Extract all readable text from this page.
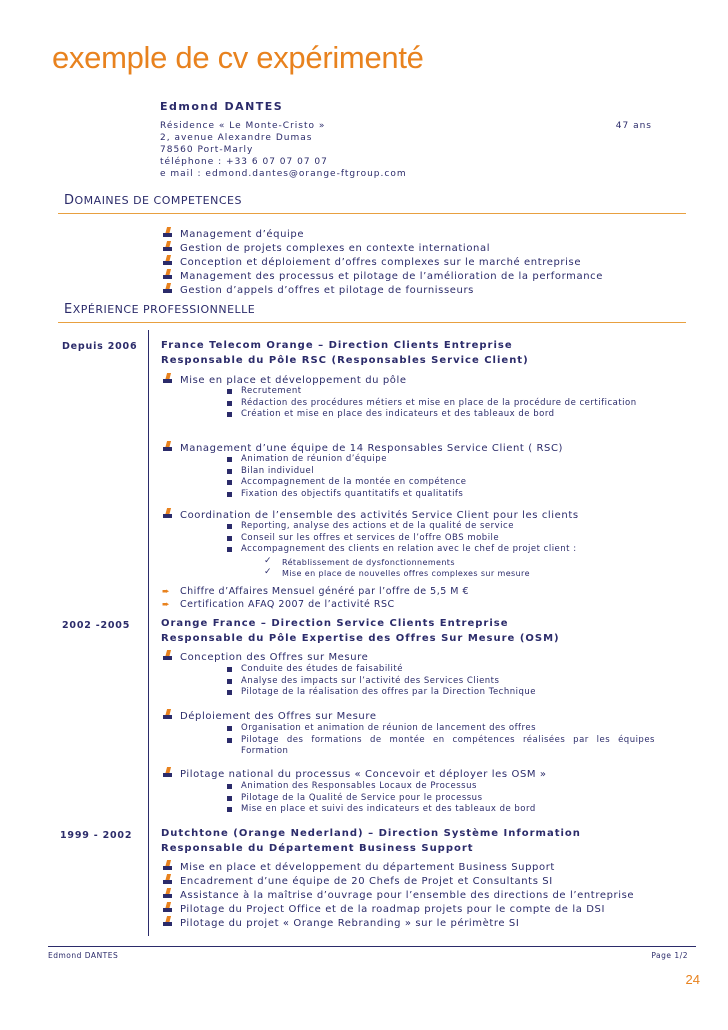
exemple de cv expérimenté
Edmond DANTES
Résidence « Le Monte-Cristo »
2, avenue Alexandre Dumas
78560 Port-Marly
téléphone : +33 6 07 07 07 07
e mail : edmond.dantes@orange-ftgroup.com
47 ans
DOMAINES DE COMPETENCES
Management d’équipe
Gestion de projets complexes en contexte international
Conception et déploiement d’offres complexes sur le marché entreprise
Management des processus et pilotage de l’amélioration de la performance
Gestion d’appels d’offres et pilotage de fournisseurs
EXPÉRIENCE PROFESSIONNELLE
Depuis 2006 France Telecom Orange – Direction Clients Entreprise
Responsable du Pôle RSC (Responsables Service Client)
Mise en place et développement du pôle
Recrutement
Rédaction des procédures métiers et mise en place de la procédure de certification
Création et mise en place des indicateurs et des tableaux de bord
Management d’une équipe de 14 Responsables Service Client ( RSC)
Animation de réunion d’équipe
Bilan individuel
Accompagnement de la montée en compétence
Fixation des objectifs quantitatifs et qualitatifs
Coordination de l’ensemble des activités Service Client pour les clients
Reporting, analyse des actions et de la qualité de service
Conseil sur les offres et services de l’offre OBS mobile
Accompagnement des clients en relation avec le chef de projet client :
✓ Rétablissement de dysfonctionnements
✓ Mise en place de nouvelles offres complexes sur mesure
➨ Chiffre d’Affaires Mensuel généré par l’offre de 5,5 M €
➨ Certification AFAQ 2007 de l’activité RSC
2002 -2005	Orange France – Direction Service Clients Entreprise
Responsable du Pôle Expertise des Offres Sur Mesure (OSM)
Conception des Offres sur Mesure
Conduite des études de faisabilité
Analyse des impacts sur l’activité des Services Clients
Pilotage de la réalisation des offres par la Direction Technique
Déploiement des Offres sur Mesure
Organisation et animation de réunion de lancement des offres
Pilotage des formations de montée en compétences réalisées par les équipes Formation
Pilotage national du processus « Concevoir et déployer les OSM »
Animation des Responsables Locaux de Processus
Pilotage de la Qualité de Service pour le processus
Mise en place et suivi des indicateurs et des tableaux de bord
1999 - 2002	Dutchtone (Orange Nederland) – Direction Système Information
Responsable du Département Business Support
Mise en place et développement du département Business Support
Encadrement d’une équipe de 20 Chefs de Projet et Consultants SI
Assistance à la maîtrise d’ouvrage pour l’ensemble des directions de l’entreprise
Pilotage du Project Office et de la roadmap projets pour le compte de la DSI
Pilotage du projet « Orange Rebranding » sur le périmètre SI
Edmond DANTES	Page 1/2
24
